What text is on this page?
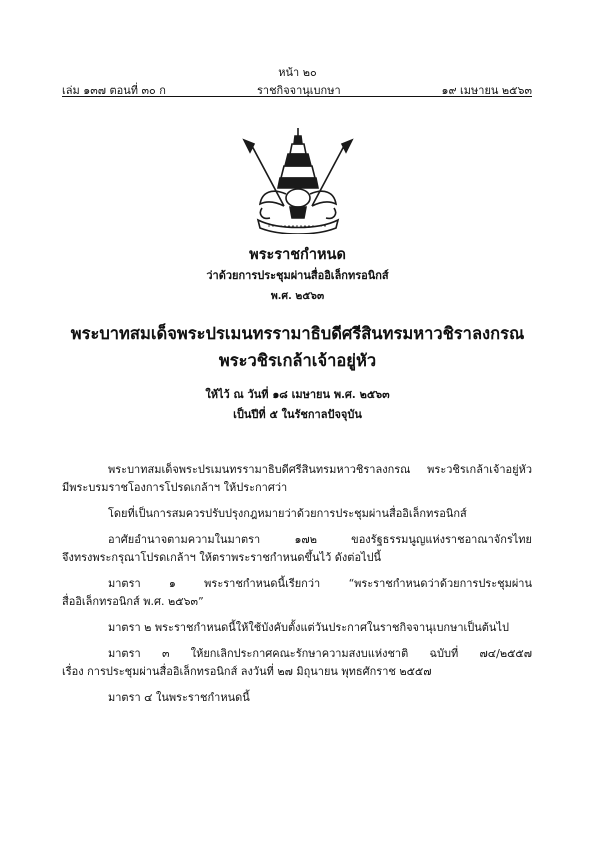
หน้า ๒๐
เล่ม ๑๓๗ ตอนที่ ๓๐ ก	ราชกิจจานุเบกษา	๑๙ เมษายน ๒๕๖๓
พระราชกำหนด
ว่าด้วยการประชุมผ่านสื่ออิเล็กทรอนิกส์
พ.ศ. ๒๕๖๓
พระบาทสมเด็จพระปรเมนทรรามาธิบดีศรีสินทรมหาวชิราลงกรณ
พระวชิรเกล้าเจ้าอยู่หัว
ให้ไว้ ณ วันที่ ๑๘ เมษายน พ.ศ. ๒๕๖๓
เป็นปีที่ ๕ ในรัชกาลปัจจุบัน
พระบาทสมเด็จพระปรเมนทรรามาธิบดีศรีสินทรมหาวชิราลงกรณ พระวชิรเกล้าเจ้าอยู่หัว
มีพระบรมราชโองการโปรดเกล้าฯ ให้ประกาศว่า
โดยที่เป็นการสมควรปรับปรุงกฎหมายว่าด้วยการประชุมผ่านสื่ออิเล็กทรอนิกส์
อาศัยอำนาจตามความในมาตรา ๑๗๒ ของรัฐธรรมนูญแห่งราชอาณาจักรไทย
จึงทรงพระกรุณาโปรดเกล้าฯ ให้ตราพระราชกำหนดขึ้นไว้ ดังต่อไปนี้
มาตรา ๑ พระราชกำหนดนี้เรียกว่า “พระราชกำหนดว่าด้วยการประชุมผ่าน
สื่ออิเล็กทรอนิกส์ พ.ศ. ๒๕๖๓”
มาตรา ๒ พระราชกำหนดนี้ให้ใช้บังคับตั้งแต่วันประกาศในราชกิจจานุเบกษาเป็นต้นไป
มาตรา ๓ ให้ยกเลิกประกาศคณะรักษาความสงบแห่งชาติ ฉบับที่ ๗๔/๒๕๕๗
เรื่อง การประชุมผ่านสื่ออิเล็กทรอนิกส์ ลงวันที่ ๒๗ มิถุนายน พุทธศักราช ๒๕๕๗
มาตรา ๔ ในพระราชกำหนดนี้
